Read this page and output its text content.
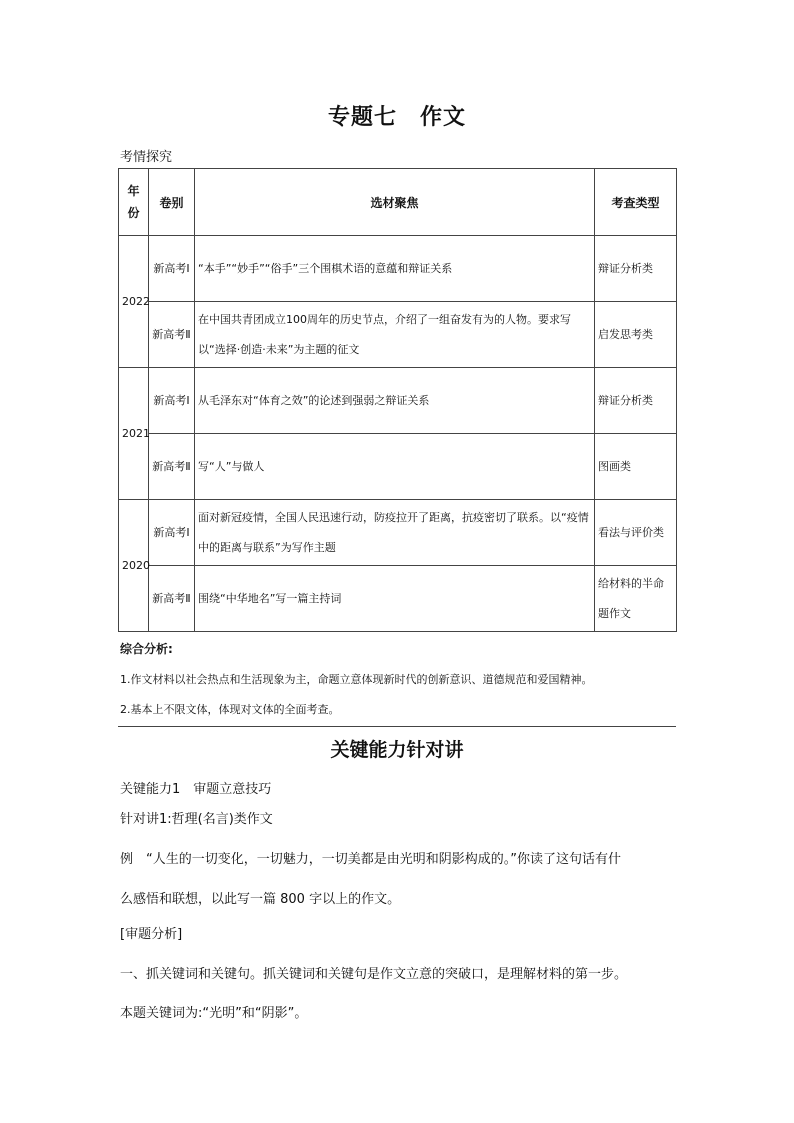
专题七　作文
考情探究
年份	卷别	选材聚焦	考查类型
2022	新高考Ⅰ	“本手”“妙手”“俗手”三个围棋术语的意蕴和辩证关系	辩证分析类
	新高考Ⅱ	在中国共青团成立100周年的历史节点，介绍了一组奋发有为的人物。要求写以“选择·创造·未来”为主题的征文	启发思考类
2021	新高考Ⅰ	从毛泽东对“体育之效”的论述到强弱之辩证关系	辩证分析类
	新高考Ⅱ	写“人”与做人	图画类
2020	新高考Ⅰ	面对新冠疫情，全国人民迅速行动，防疫拉开了距离，抗疫密切了联系。以“疫情中的距离与联系”为写作主题	看法与评价类
	新高考Ⅱ	围绕“中华地名”写一篇主持词	给材料的半命题作文
综合分析:
1.作文材料以社会热点和生活现象为主，命题立意体现新时代的创新意识、道德规范和爱国精神。
2.基本上不限文体，体现对文体的全面考查。
关键能力针对讲
关键能力1　审题立意技巧
针对讲1:哲理(名言)类作文
例　“人生的一切变化，一切魅力，一切美都是由光明和阴影构成的。”你读了这句话有什
么感悟和联想，以此写一篇 800 字以上的作文。
[审题分析]
一、抓关键词和关键句。抓关键词和关键句是作文立意的突破口，是理解材料的第一步。
本题关键词为:“光明”和“阴影”。
